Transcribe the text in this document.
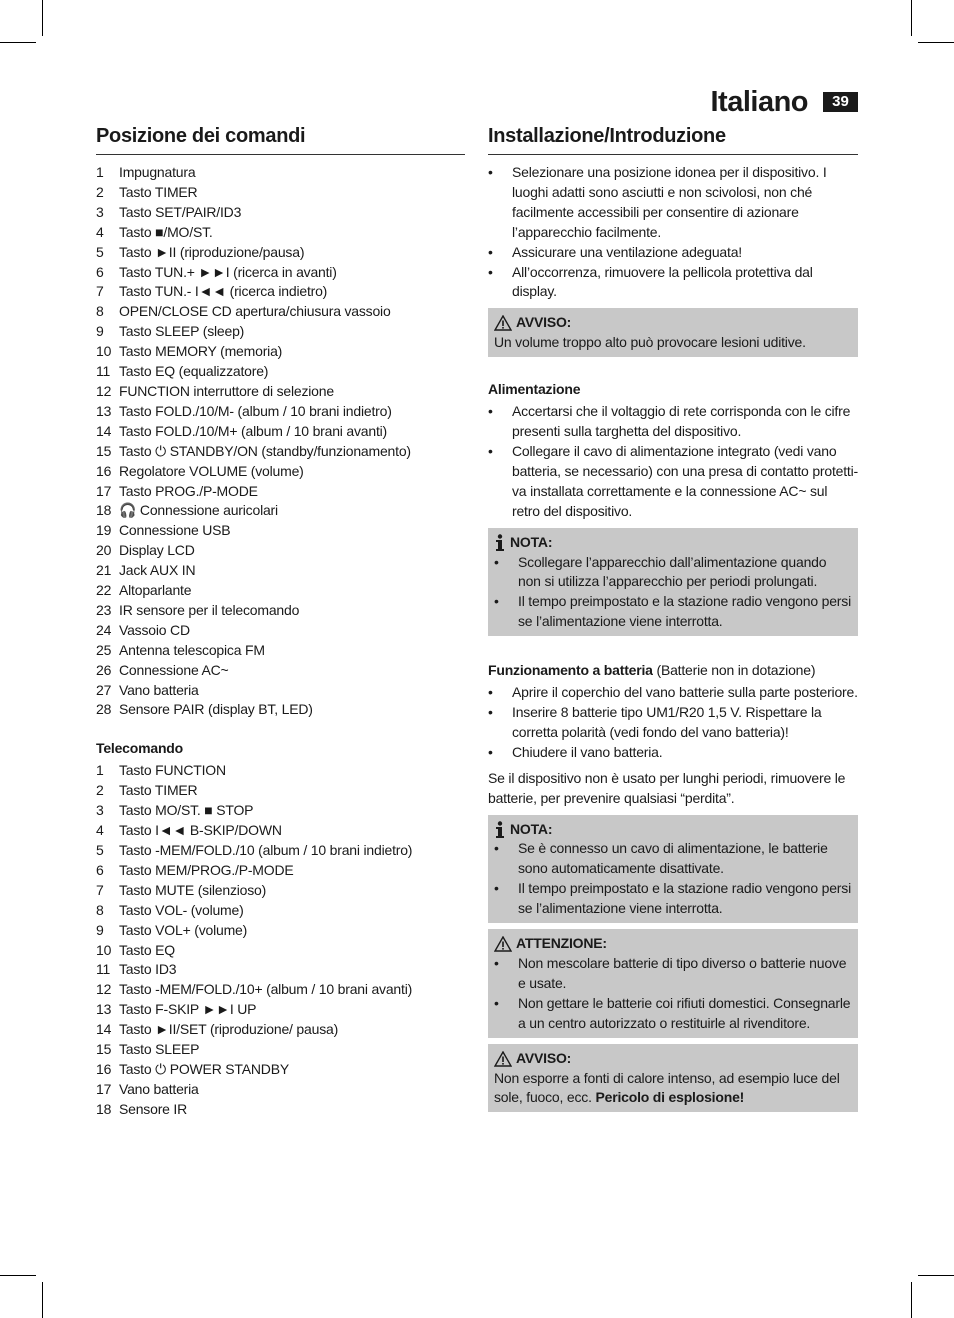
Italiano	39
Posizione dei comandi
1	Impugnatura
2	Tasto TIMER
3	Tasto SET/PAIR/ID3
4	Tasto ■/MO/ST.
5	Tasto ►II (riproduzione/pausa)
6	Tasto TUN.+ ►►I (ricerca in avanti)
7	Tasto TUN.- I◄◄ (ricerca indietro)
8	OPEN/CLOSE CD apertura/chiusura vassoio
9	Tasto SLEEP (sleep)
10 Tasto MEMORY (memoria)
11 Tasto EQ (equalizzatore)
12 FUNCTION interruttore di selezione
13 Tasto FOLD./10/M- (album / 10 brani indietro)
14 Tasto FOLD./10/M+ (album / 10 brani avanti)
15 Tasto ⏻ STANDBY/ON (standby/funzionamento)
16 Regolatore VOLUME (volume)
17 Tasto PROG./P-MODE
18 🎧 Connessione auricolari
19 Connessione USB
20 Display LCD
21 Jack AUX IN
22 Altoparlante
23 IR sensore per il telecomando
24 Vassoio CD
25 Antenna telescopica FM
26 Connessione AC~
27 Vano batteria
28 Sensore PAIR (display BT, LED)
Telecomando
1	Tasto FUNCTION
2	Tasto TIMER
3	Tasto MO/ST. ■ STOP
4	Tasto I◄◄ B-SKIP/DOWN
5	Tasto -MEM/FOLD./10 (album / 10 brani indietro)
6	Tasto MEM/PROG./P-MODE
7	Tasto MUTE (silenzioso)
8	Tasto VOL- (volume)
9	Tasto VOL+ (volume)
10 Tasto EQ
11 Tasto ID3
12 Tasto -MEM/FOLD./10+ (album / 10 brani avanti)
13 Tasto F-SKIP ►►I UP
14 Tasto ►II/SET (riproduzione/ pausa)
15 Tasto SLEEP
16 Tasto ⏻ POWER STANDBY
17 Vano batteria
18 Sensore IR
Installazione/Introduzione
• Selezionare una posizione idonea per il dispositivo. I luoghi adatti sono asciutti e non scivolosi, non ché facilmente accessibili per consentire di azionare l’apparecchio facilmente.
• Assicurare una ventilazione adeguata!
• All’occorrenza, rimuovere la pellicola protettiva dal display.
AVVISO:
Un volume troppo alto può provocare lesioni uditive.
Alimentazione
• Accertarsi che il voltaggio di rete corrisponda con le cifre presenti sulla targhetta del dispositivo.
• Collegare il cavo di alimentazione integrato (vedi vano batteria, se necessario) con una presa di contatto protetti-va installata correttamente e la connessione AC~ sul retro del dispositivo.
NOTA:
• Scollegare l’apparecchio dall’alimentazione quando non si utilizza l’apparecchio per periodi prolungati.
• Il tempo preimpostato e la stazione radio vengono persi se l’alimentazione viene interrotta.
Funzionamento a batteria (Batterie non in dotazione)
• Aprire il coperchio del vano batterie sulla parte posteriore.
• Inserire 8 batterie tipo UM1/R20 1,5 V. Rispettare la corretta polarità (vedi fondo del vano batteria)!
• Chiudere il vano batteria.

Se il dispositivo non è usato per lunghi periodi, rimuovere le batterie, per prevenire qualsiasi “perdita”.

NOTA:
• Se è connesso un cavo di alimentazione, le batterie sono automaticamente disattivate.
• Il tempo preimpostato e la stazione radio vengono persi se l’alimentazione viene interrotta.
ATTENZIONE:
• Non mescolare batterie di tipo diverso o batterie nuove e usate.
• Non gettare le batterie coi rifiuti domestici. Consegnarle a un centro autorizzato o restituirle al rivenditore.
AVVISO:
Non esporre a fonti di calore intenso, ad esempio luce del sole, fuoco, ecc. Pericolo di esplosione!
